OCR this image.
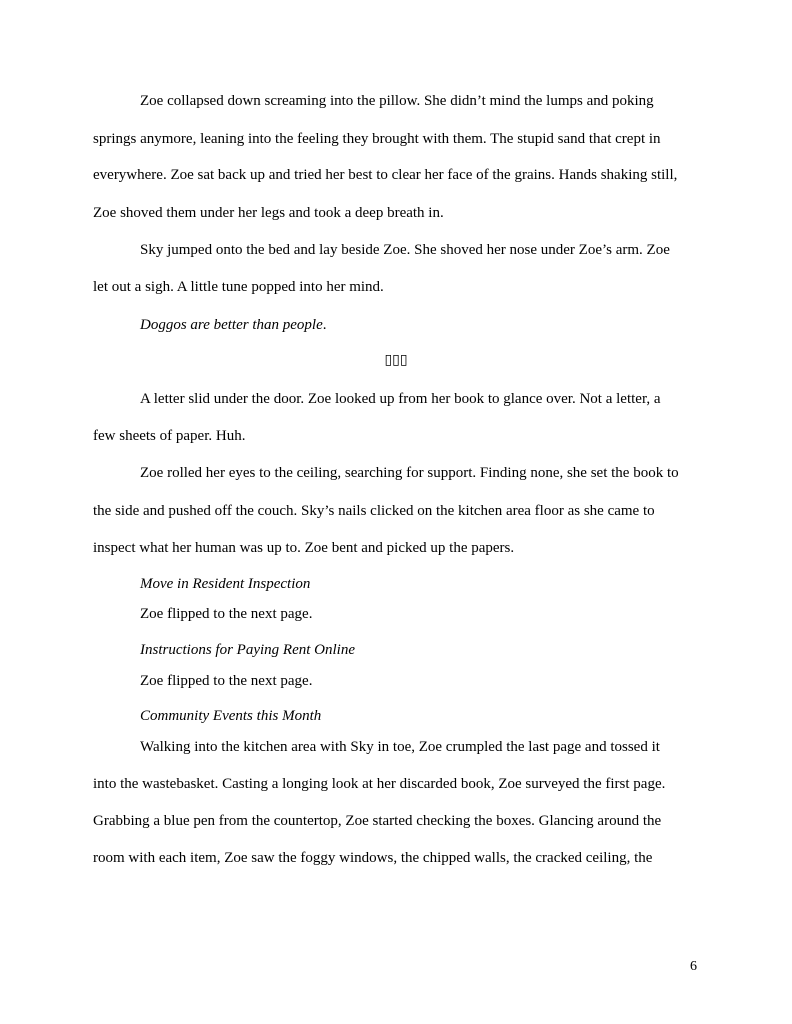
Zoe collapsed down screaming into the pillow. She didn’t mind the lumps and poking
springs anymore, leaning into the feeling they brought with them. The stupid sand that crept in
everywhere. Zoe sat back up and tried her best to clear her face of the grains. Hands shaking still,
Zoe shoved them under her legs and took a deep breath in.
Sky jumped onto the bed and lay beside Zoe. She shoved her nose under Zoe’s arm. Zoe
let out a sigh. A little tune popped into her mind.
Doggos are better than people.
▯▯▯
A letter slid under the door. Zoe looked up from her book to glance over. Not a letter, a
few sheets of paper. Huh.
Zoe rolled her eyes to the ceiling, searching for support. Finding none, she set the book to
the side and pushed off the couch. Sky’s nails clicked on the kitchen area floor as she came to
inspect what her human was up to. Zoe bent and picked up the papers.
Move in Resident Inspection
Zoe flipped to the next page.
Instructions for Paying Rent Online
Zoe flipped to the next page.
Community Events this Month
Walking into the kitchen area with Sky in toe, Zoe crumpled the last page and tossed it
into the wastebasket. Casting a longing look at her discarded book, Zoe surveyed the first page.
Grabbing a blue pen from the countertop, Zoe started checking the boxes. Glancing around the
room with each item, Zoe saw the foggy windows, the chipped walls, the cracked ceiling, the
6
